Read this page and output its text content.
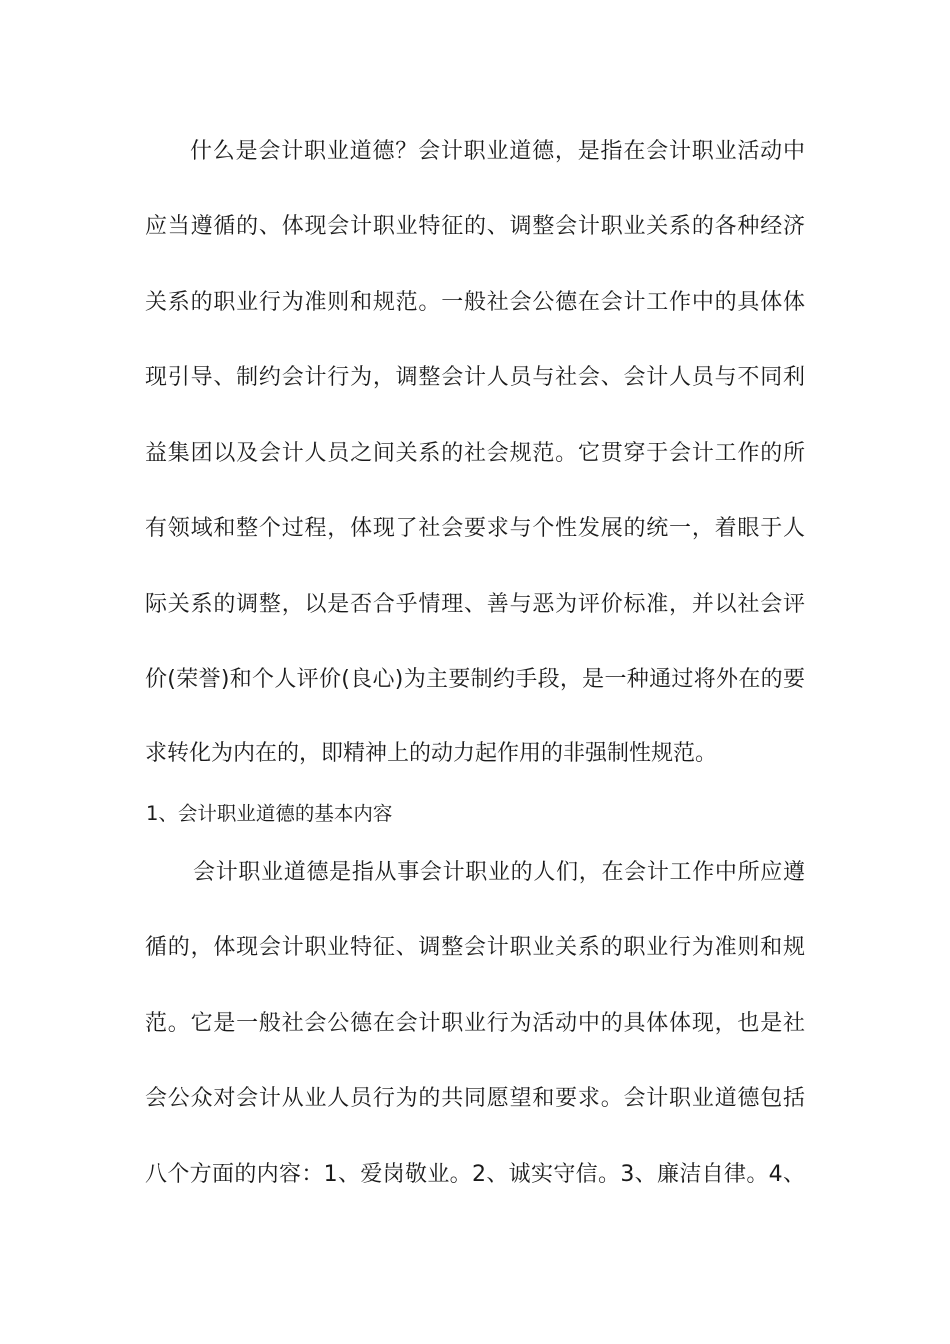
什么是会计职业道德？会计职业道德，是指在会计职业活动中
应当遵循的、体现会计职业特征的、调整会计职业关系的各种经济
关系的职业行为准则和规范。一般社会公德在会计工作中的具体体
现引导、制约会计行为，调整会计人员与社会、会计人员与不同利
益集团以及会计人员之间关系的社会规范。它贯穿于会计工作的所
有领域和整个过程，体现了社会要求与个性发展的统一，着眼于人
际关系的调整，以是否合乎情理、善与恶为评价标准，并以社会评
价(荣誉)和个人评价(良心)为主要制约手段，是一种通过将外在的要
求转化为内在的，即精神上的动力起作用的非强制性规范。
1、会计职业道德的基本内容
会计职业道德是指从事会计职业的人们，在会计工作中所应遵
循的，体现会计职业特征、调整会计职业关系的职业行为准则和规
范。它是一般社会公德在会计职业行为活动中的具体体现，也是社
会公众对会计从业人员行为的共同愿望和要求。会计职业道德包括
八个方面的内容：1、爱岗敬业。2、诚实守信。3、廉洁自律。4、
